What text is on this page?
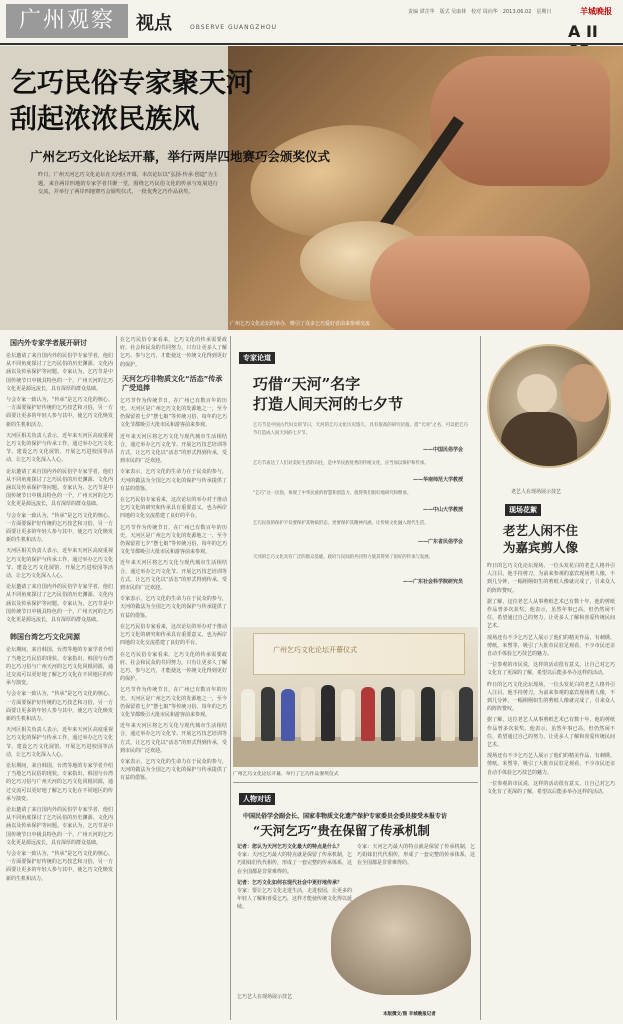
广州观察	视点	OBSERVE GUANGZHOU
责编 谭芷华　版式 吴康林　校对 周向华　2013.06.02　星期日	羊城晚报
A II
乞巧民俗专家聚天河
刮起浓浓民族风
广州乞巧文化论坛开幕，举行两岸四地赛巧会颁奖仪式
昨日，广州天河乞巧文化论坛在天河区开幕，本次论坛以“弘扬·传承·创造”为主题，来自两岸四地的专家学者共聚一堂，围绕乞巧民俗文化的传承与发展进行交流，并举行了两岸四地赛巧会颁奖仪式，一批优秀乞巧作品获奖。
广州乞巧文化论坛的举办，吸引了众多乞巧爱好者前来参观交流
国内外专家学者展开研讨
论坛邀请了来自国内外的民俗学专家学者，他们从不同角度探讨了乞巧民俗的历史渊源、文化内涵以及传承保护等问题。专家认为，乞巧节是中国传统节日中极具特色的一个，广州天河的乞巧文化更是源远流长，具有深厚的群众基础。
与会专家一致认为，“传承”是乞巧文化的核心。一方面要保护好传统的乞巧技艺和习俗，另一方面要让更多的年轻人参与其中，使乞巧文化焕发新的生机和活力。
天河区相关负责人表示，近年来天河区高度重视乞巧文化的保护与传承工作，通过举办乞巧文化节、建设乞巧文化展馆、开展乞巧进校园等活动，让乞巧文化深入人心。
论坛邀请了来自国内外的民俗学专家学者，他们从不同角度探讨了乞巧民俗的历史渊源、文化内涵以及传承保护等问题。专家认为，乞巧节是中国传统节日中极具特色的一个，广州天河的乞巧文化更是源远流长，具有深厚的群众基础。
与会专家一致认为，“传承”是乞巧文化的核心。一方面要保护好传统的乞巧技艺和习俗，另一方面要让更多的年轻人参与其中，使乞巧文化焕发新的生机和活力。
天河区相关负责人表示，近年来天河区高度重视乞巧文化的保护与传承工作，通过举办乞巧文化节、建设乞巧文化展馆、开展乞巧进校园等活动，让乞巧文化深入人心。
论坛邀请了来自国内外的民俗学专家学者，他们从不同角度探讨了乞巧民俗的历史渊源、文化内涵以及传承保护等问题。专家认为，乞巧节是中国传统节日中极具特色的一个，广州天河的乞巧文化更是源远流长，具有深厚的群众基础。
韩国台湾乞巧文化同源
论坛期间，来自韩国、台湾等地的专家学者介绍了当地乞巧民俗的现状。专家指出，韩国与台湾的乞巧习俗与广州天河的乞巧文化同根同源，通过交流可以更好地了解乞巧文化在不同地区的传承与演变。
与会专家一致认为，“传承”是乞巧文化的核心。一方面要保护好传统的乞巧技艺和习俗，另一方面要让更多的年轻人参与其中，使乞巧文化焕发新的生机和活力。
天河区相关负责人表示，近年来天河区高度重视乞巧文化的保护与传承工作，通过举办乞巧文化节、建设乞巧文化展馆、开展乞巧进校园等活动，让乞巧文化深入人心。
论坛期间，来自韩国、台湾等地的专家学者介绍了当地乞巧民俗的现状。专家指出，韩国与台湾的乞巧习俗与广州天河的乞巧文化同根同源，通过交流可以更好地了解乞巧文化在不同地区的传承与演变。
论坛邀请了来自国内外的民俗学专家学者，他们从不同角度探讨了乞巧民俗的历史渊源、文化内涵以及传承保护等问题。专家认为，乞巧节是中国传统节日中极具特色的一个，广州天河的乞巧文化更是源远流长，具有深厚的群众基础。
与会专家一致认为，“传承”是乞巧文化的核心。一方面要保护好传统的乞巧技艺和习俗，另一方面要让更多的年轻人参与其中，使乞巧文化焕发新的生机和活力。
在乞巧民俗专家看来，乞巧文化的传承需要政府、社会和民众的共同努力，只有让更多人了解乞巧、参与乞巧，才能使这一传统文化得到更好的保护。
天河乞巧非物质文化“活态”传承广受追捧
乞巧节作为传统节日，在广州已有数百年的历史。天河区是广州乞巧文化的发源地之一，至今仍保留着七夕“摆七娘”等传统习俗，每年的乞巧文化节都吸引大批市民和游客前来参观。
近年来天河区将乞巧文化与现代城市生活相结合，通过举办乞巧文化节、开展乞巧技艺培训等方式，让乞巧文化以“活态”的形式得到传承，受到市民的广泛欢迎。
专家表示，乞巧文化的生命力在于民众的参与，天河的做法为全国乞巧文化的保护与传承提供了有益的借鉴。
在乞巧民俗专家看来，这次论坛的举办对于推动乞巧文化的研究和传承具有重要意义，也为两岸四地的文化交流搭建了良好的平台。
乞巧节作为传统节日，在广州已有数百年的历史。天河区是广州乞巧文化的发源地之一，至今仍保留着七夕“摆七娘”等传统习俗，每年的乞巧文化节都吸引大批市民和游客前来参观。
近年来天河区将乞巧文化与现代城市生活相结合，通过举办乞巧文化节、开展乞巧技艺培训等方式，让乞巧文化以“活态”的形式得到传承，受到市民的广泛欢迎。
专家表示，乞巧文化的生命力在于民众的参与，天河的做法为全国乞巧文化的保护与传承提供了有益的借鉴。
在乞巧民俗专家看来，这次论坛的举办对于推动乞巧文化的研究和传承具有重要意义，也为两岸四地的文化交流搭建了良好的平台。
在乞巧民俗专家看来，乞巧文化的传承需要政府、社会和民众的共同努力，只有让更多人了解乞巧、参与乞巧，才能使这一传统文化得到更好的保护。
乞巧节作为传统节日，在广州已有数百年的历史。天河区是广州乞巧文化的发源地之一，至今仍保留着七夕“摆七娘”等传统习俗，每年的乞巧文化节都吸引大批市民和游客前来参观。
近年来天河区将乞巧文化与现代城市生活相结合，通过举办乞巧文化节、开展乞巧技艺培训等方式，让乞巧文化以“活态”的形式得到传承，受到市民的广泛欢迎。
专家表示，乞巧文化的生命力在于民众的参与，天河的做法为全国乞巧文化的保护与传承提供了有益的借鉴。
专家论道
巧借“天河”名字
打造人间天河的七夕节
乞巧节是中国古代妇女的节日，天河的乞巧文化历史悠久，具有很高的研究价值。借“天河”之名，可以把乞巧节打造成人间天河的七夕节。
——中国民俗学会
乞巧节表达了人们对美好生活的向往，是中华民族优秀的传统文化，应当加以保护和传承。
——华南师范大学教授
“乞巧”这一民俗，体现了中华民族的智慧和创造力，值得我们很好地研究和继承。
——中山大学教授
乞巧民俗的保护不仅要保护其物质形态，更要保护其精神内涵，让传统文化融入现代生活。
——广东省民俗学会
天河的乞巧文化具有广泛的群众基础，政府与民间的共同努力使其得到了很好的传承与发展。
——广东社会科学院研究员
广州乞巧文化论坛开幕仪式
广州乞巧文化论坛开幕，举行了乞巧作品颁奖仪式
人物对话
中国民俗学会副会长、国家非物质文化遗产保护专家委员会委员接受本报专访
“天河乞巧”贵在保留了传承机制
记者：您认为天河乞巧文化最大的特点是什么？
专家：天河乞巧最大的特点就是保留了传承机制，乞巧姐妹们代代相传，形成了一套完整的传承体系，这在全国都是非常难得的。
记者：乞巧文化如何在现代社会中更好地传承？
专家：要让乞巧文化走进生活，走进校园，让更多的年轻人了解和喜爱乞巧，这样才能使传统文化得以延续。
专家：天河乞巧最大的特点就是保留了传承机制，乞巧姐妹们代代相传，形成了一套完整的传承体系，这在全国都是非常难得的。
乞巧艺人在现场展示技艺
本版撰文/图 羊城晚报记者
老艺人在现场展示技艺
现场花絮
老艺人闲不住
为嘉宾剪人像
昨日的乞巧文化论坛现场，一位头发花白的老艺人格外引人注目。他手持剪刀，为前来参观的嘉宾现场剪人像，不到几分钟，一幅栩栩如生的剪纸人像就完成了，引来众人的阵阵赞叹。
据了解，这位老艺人从事剪纸艺术已有数十年，他的剪纸作品曾多次获奖。他表示，虽然年事已高，但仍然闲不住，希望通过自己的努力，让更多人了解和喜爱传统民间艺术。
现场还有不少乞巧艺人展示了他们的精美作品，有刺绣、剪纸、米塑等，吸引了大批市民驻足观看，不少市民还亲自动手体验乞巧技艺的魅力。
一位参观的市民说，这样的活动很有意义，让自己对乞巧文化有了更深的了解，希望以后能多举办这样的活动。
昨日的乞巧文化论坛现场，一位头发花白的老艺人格外引人注目。他手持剪刀，为前来参观的嘉宾现场剪人像，不到几分钟，一幅栩栩如生的剪纸人像就完成了，引来众人的阵阵赞叹。
据了解，这位老艺人从事剪纸艺术已有数十年，他的剪纸作品曾多次获奖。他表示，虽然年事已高，但仍然闲不住，希望通过自己的努力，让更多人了解和喜爱传统民间艺术。
现场还有不少乞巧艺人展示了他们的精美作品，有刺绣、剪纸、米塑等，吸引了大批市民驻足观看，不少市民还亲自动手体验乞巧技艺的魅力。
一位参观的市民说，这样的活动很有意义，让自己对乞巧文化有了更深的了解，希望以后能多举办这样的活动。
